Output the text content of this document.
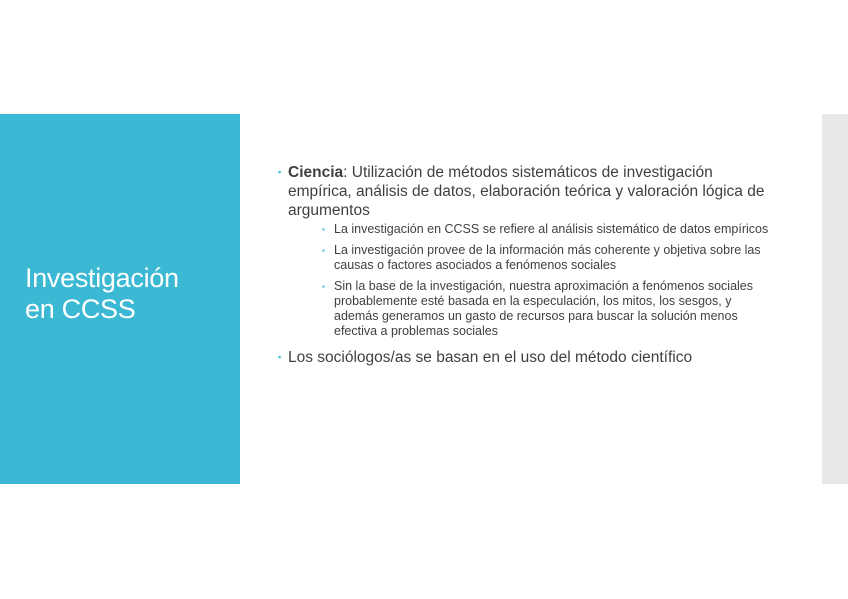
Investigación
en CCSS
▪ Ciencia: Utilización de métodos sistemáticos de investigación empírica, análisis de datos, elaboración teórica y valoración lógica de argumentos
▪ La investigación en CCSS se refiere al análisis sistemático de datos empíricos
▪ La investigación provee de la información más coherente y objetiva sobre las causas o factores asociados a fenómenos sociales
▪ Sin la base de la investigación, nuestra aproximación a fenómenos sociales probablemente esté basada en la especulación, los mitos, los sesgos, y además generamos un gasto de recursos para buscar la solución menos efectiva a problemas sociales
▪ Los sociólogos/as se basan en el uso del método científico
